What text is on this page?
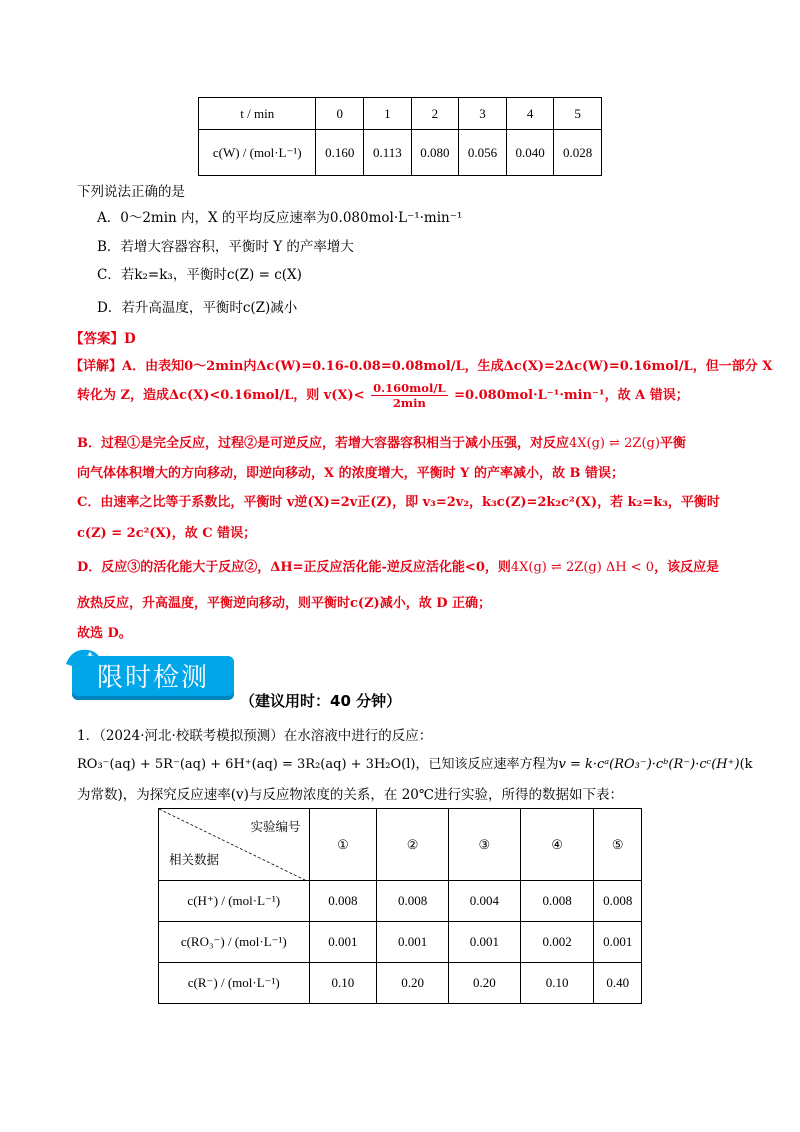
t / min	0	1	2	3	4	5
c(W) / (mol·L⁻¹)	0.160	0.113	0.080	0.056	0.040	0.028
下列说法正确的是
A．0～2min 内，X 的平均反应速率为0.080mol·L⁻¹·min⁻¹
B．若增大容器容积，平衡时 Y 的产率增大
C．若k₂=k₃，平衡时c(Z) = c(X)
D．若升高温度，平衡时c(Z)减小
【答案】D
【详解】A．由表知0～2min内Δc(W)=0.16-0.08=0.08mol/L，生成Δc(X)=2Δc(W)=0.16mol/L，但一部分 X
转化为 Z，造成Δc(X)<0.16mol/L，则 $v(X)< \frac{\text{0.160mol/L}}{2\min} =0.080mol\cdot L^{-1}\cdot\min^{-1}$，故 A 错误；
B．过程①是完全反应，过程②是可逆反应，若增大容器容积相当于减小压强，对反应4X(g) ⇌ 2Z(g)平衡
向气体体积增大的方向移动，即逆向移动，X 的浓度增大，平衡时 Y 的产率减小，故 B 错误；
C．由速率之比等于系数比，平衡时 v逆(X)=2v正(Z)，即 v₃=2v₂，k₃c(Z)=2k₂c²(X)，若 k₂=k₃，平衡时
c(Z) = 2c²(X)，故 C 错误；
D．反应③的活化能大于反应②，ΔH=正反应活化能-逆反应活化能<0，则4X(g) ⇌ 2Z(g) ΔH < 0，该反应是
放热反应，升高温度，平衡逆向移动，则平衡时c(Z)减小，故 D 正确；
故选 D。
限时检测
（建议用时：40 分钟）
1．（2024·河北·校联考模拟预测）在水溶液中进行的反应：
RO₃⁻(aq) + 5R⁻(aq) + 6H⁺(aq) = 3R₂(aq) + 3H₂O(l)，已知该反应速率方程为v = k·cᵃ(RO₃⁻)·cᵇ(R⁻)·cᶜ(H⁺)(k
为常数)，为探究反应速率(v)与反应物浓度的关系，在 20℃进行实验，所得的数据如下表：
实验编号
相关数据	①	②	③	④	⑤
c(H⁺) / (mol·L⁻¹)	0.008	0.008	0.004	0.008	0.008
c(RO₃⁻) / (mol·L⁻¹)	0.001	0.001	0.001	0.002	0.001
c(R⁻) / (mol·L⁻¹)	0.10	0.20	0.20	0.10	0.40
